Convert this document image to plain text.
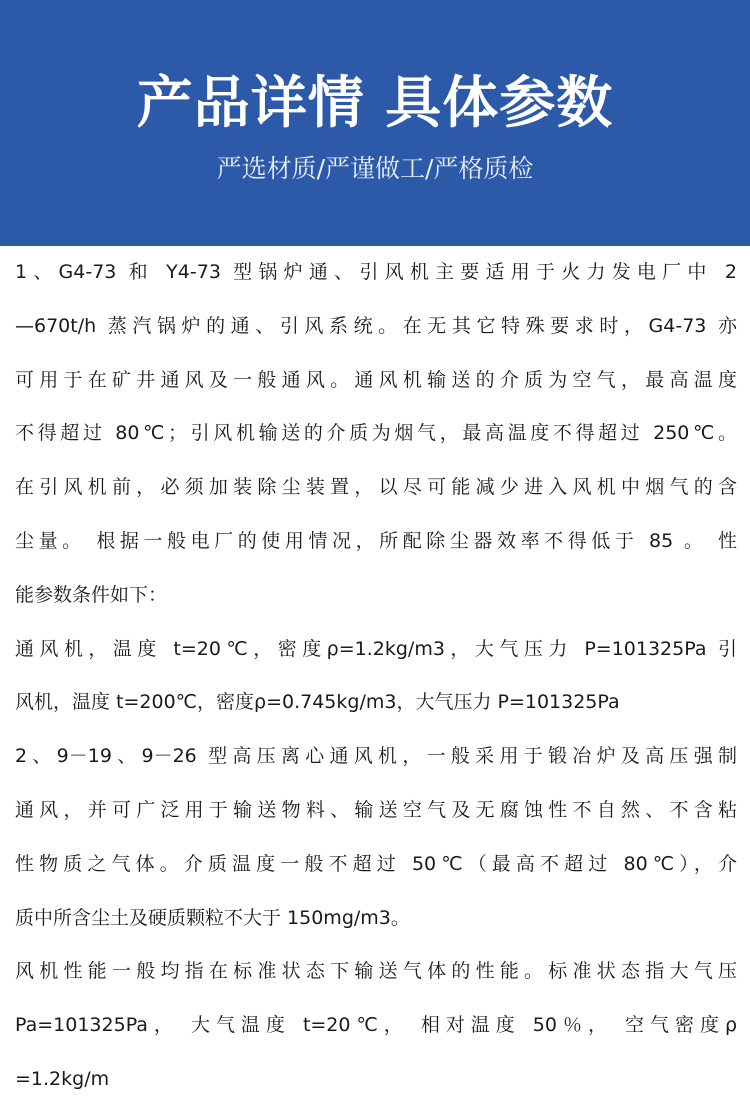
产品详情 具体参数
严选材质/严谨做工/严格质检
1、G4-73 和 Y4-73 型锅炉通、引风机主要适用于火力发电厂中 2
—670t/h 蒸汽锅炉的通、引风系统。在无其它特殊要求时，G4-73 亦
可用于在矿井通风及一般通风。通风机输送的介质为空气，最高温度
不得超过 80℃；引风机输送的介质为烟气，最高温度不得超过 250℃。
在引风机前，必须加装除尘装置，以尽可能减少进入风机中烟气的含
尘量。 根据一般电厂的使用情况，所配除尘器效率不得低于 85 。 性
能参数条件如下：
通风机，温度 t=20℃，密度ρ=1.2kg/m3，大气压力 P=101325Pa 引
风机，温度 t=200℃，密度ρ=0.745kg/m3，大气压力 P=101325Pa
2、9－19、9－26 型高压离心通风机，一般采用于锻冶炉及高压强制
通风，并可广泛用于输送物料、输送空气及无腐蚀性不自然、不含粘
性物质之气体。介质温度一般不超过 50℃（最高不超过 80℃），介
质中所含尘土及硬质颗粒不大于 150mg/m3。
风机性能一般均指在标准状态下输送气体的性能。标准状态指大气压
Pa=101325Pa， 大气温度 t=20℃， 相对温度 50％， 空气密度ρ
=1.2kg/m
